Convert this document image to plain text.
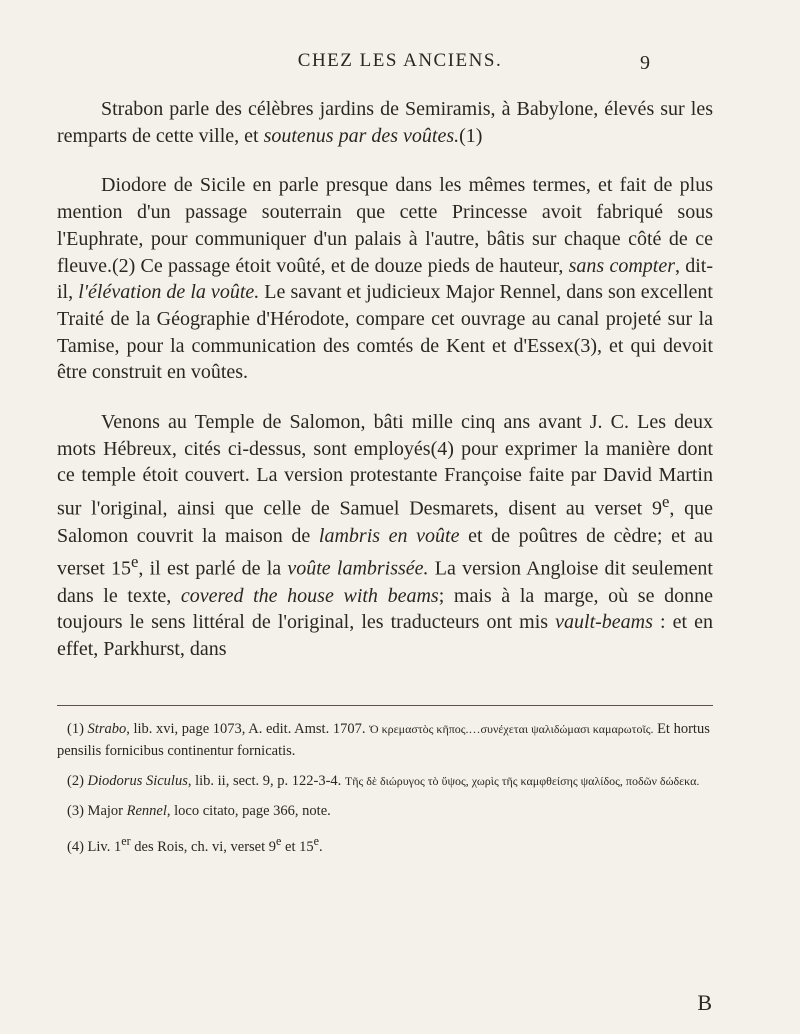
CHEZ LES ANCIENS.	9

Strabon parle des célèbres jardins de Semiramis, à Babylone, élevés sur les remparts de cette ville, et soutenus par des voûtes.(1)

Diodore de Sicile en parle presque dans les mêmes termes, et fait de plus mention d'un passage souterrain que cette Princesse avoit fabriqué sous l'Euphrate, pour communiquer d'un palais à l'autre, bâtis sur chaque côté de ce fleuve.(2) Ce passage étoit voûté, et de douze pieds de hauteur, sans compter, dit-il, l'élévation de la voûte. Le savant et judicieux Major Rennel, dans son excellent Traité de la Géographie d'Hérodote, compare cet ouvrage au canal projeté sur la Tamise, pour la communication des comtés de Kent et d'Essex(3), et qui devoit être construit en voûtes.

Venons au Temple de Salomon, bâti mille cinq ans avant J. C. Les deux mots Hébreux, cités ci-dessus, sont employés(4) pour exprimer la manière dont ce temple étoit couvert. La version protestante Françoise faite par David Martin sur l'original, ainsi que celle de Samuel Desmarets, disent au verset 9e, que Salomon couvrit la maison de lambris en voûte et de poûtres de cèdre; et au verset 15e, il est parlé de la voûte lambrissée. La version Angloise dit seulement dans le texte, covered the house with beams; mais à la marge, où se donne toujours le sens littéral de l'original, les traducteurs ont mis vault-beams : et en effet, Parkhurst, dans

(1) Strabo, lib. xvi, page 1073, A. edit. Amst. 1707. Ὁ κρεμαστὸς κῆπος.…συνέχεται ψαλιδώμασι καμαρωτοῖς. Et hortus pensilis fornicibus continentur fornicatis.

(2) Diodorus Siculus, lib. ii, sect. 9, p. 122-3-4. Τῆς δὲ διώρυγος τὸ ὕψος, χωρὶς τῆς καμφθείσης ψαλίδος, ποδῶν δώδεκα.

(3) Major Rennel, loco citato, page 366, note.

(4) Liv. 1er des Rois, ch. vi, verset 9e et 15e.

B
